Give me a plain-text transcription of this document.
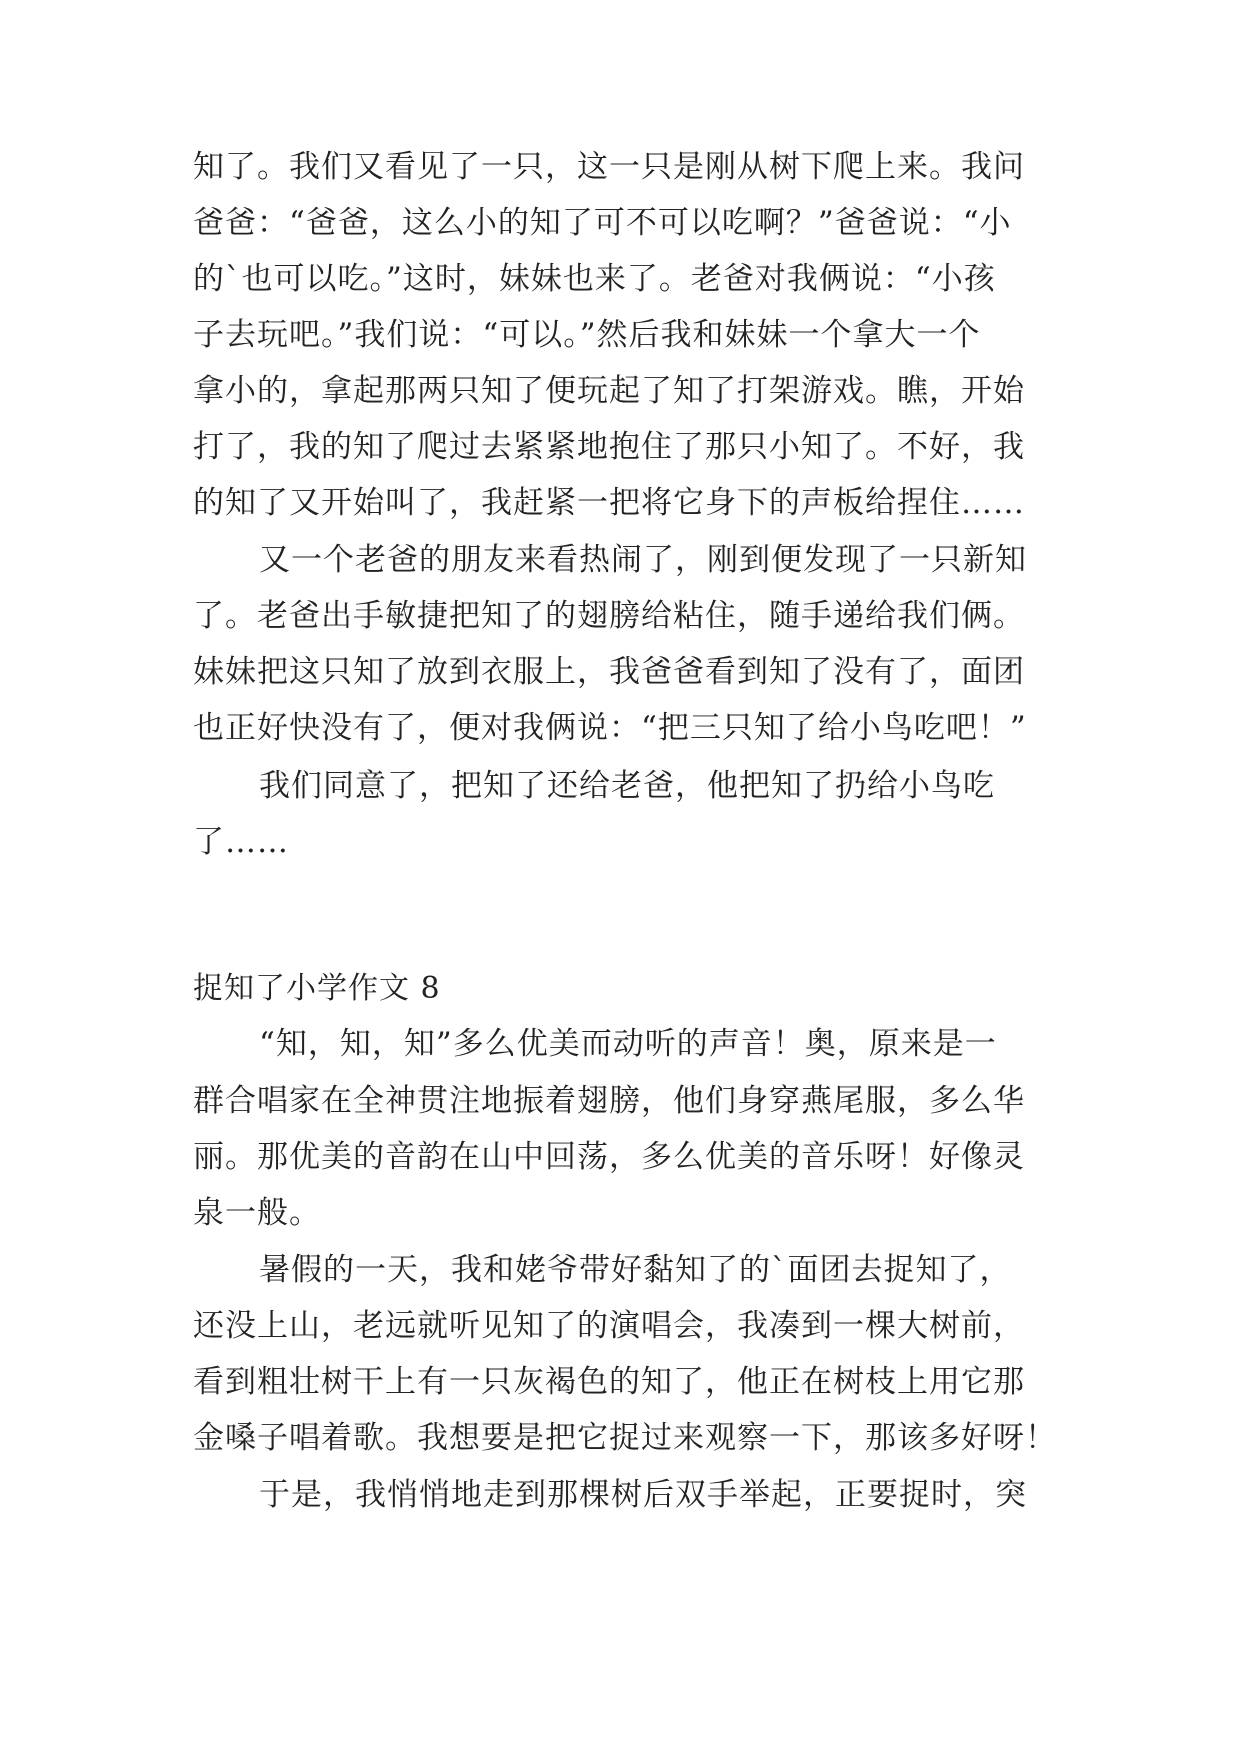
知了。我们又看见了一只，这一只是刚从树下爬上来。我问
爸爸：“爸爸，这么小的知了可不可以吃啊？”爸爸说：“小
的`也可以吃。”这时，妹妹也来了。老爸对我俩说：“小孩
子去玩吧。”我们说：“可以。”然后我和妹妹一个拿大一个
拿小的，拿起那两只知了便玩起了知了打架游戏。瞧，开始
打了，我的知了爬过去紧紧地抱住了那只小知了。不好，我
的知了又开始叫了，我赶紧一把将它身下的声板给捏住……
又一个老爸的朋友来看热闹了，刚到便发现了一只新知
了。老爸出手敏捷把知了的翅膀给粘住，随手递给我们俩。
妹妹把这只知了放到衣服上，我爸爸看到知了没有了，面团
也正好快没有了，便对我俩说：“把三只知了给小鸟吃吧！”
我们同意了，把知了还给老爸，他把知了扔给小鸟吃
了……
捉知了小学作文 8
“知，知，知”多么优美而动听的声音！奥，原来是一
群合唱家在全神贯注地振着翅膀，他们身穿燕尾服，多么华
丽。那优美的音韵在山中回荡，多么优美的音乐呀！好像灵
泉一般。
暑假的一天，我和姥爷带好黏知了的`面团去捉知了，
还没上山，老远就听见知了的演唱会，我凑到一棵大树前，
看到粗壮树干上有一只灰褐色的知了，他正在树枝上用它那
金嗓子唱着歌。我想要是把它捉过来观察一下，那该多好呀！
于是，我悄悄地走到那棵树后双手举起，正要捉时，突
